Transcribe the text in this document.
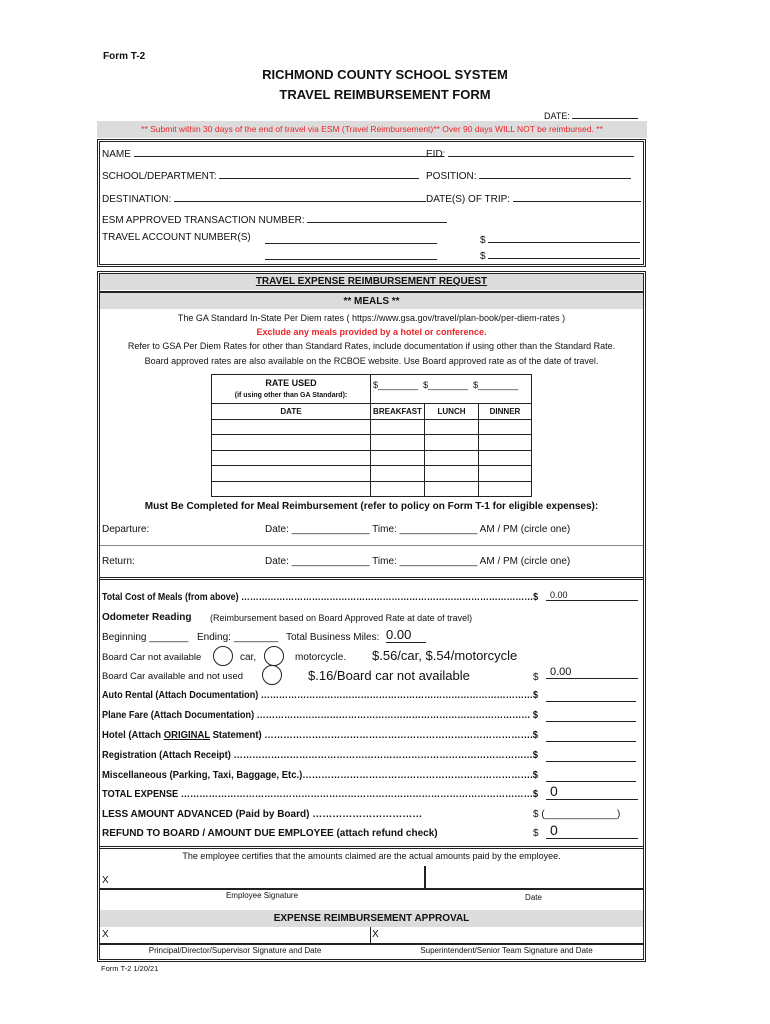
Form T-2
RICHMOND COUNTY SCHOOL SYSTEM
TRAVEL REIMBURSEMENT FORM
DATE:
** Submit within 30 days of the end of travel via ESM (Travel Reimbursement)** Over 90 days WILL NOT be reimbursed. **
NAME	EID:
SCHOOL/DEPARTMENT:	POSITION:
DESTINATION:	DATE(S) OF TRIP:
ESM APPROVED TRANSACTION NUMBER:
TRAVEL ACCOUNT NUMBER(S)	$
$
TRAVEL EXPENSE REIMBURSEMENT REQUEST
** MEALS **
The GA Standard In-State Per Diem rates ( https://www.gsa.gov/travel/plan-book/per-diem-rates )
Exclude any meals provided by a hotel or conference.
Refer to GSA Per Diem Rates for other than Standard Rates, include documentation if using other than the Standard Rate.
Board approved rates are also available on the RCBOE website. Use Board approved rate as of the date of travel.
RATE USED
(if using other than GA Standard):	$________ $________ $________		
DATE	BREAKFAST	LUNCH	DINNER

Must Be Completed for Meal Reimbursement (refer to policy on Form T-1 for eligible expenses):
Departure:	Date: ______________ Time: ______________ AM / PM (circle one)
Return:	Date: ______________ Time: ______________ AM / PM (circle one)
Total Cost of Meals (from above) ………………………………………………………………………………………$	0.00
Odometer Reading (Reimbursement based on Board Approved Rate at date of travel)
Beginning _______ Ending: ________ Total Business Miles: 0.00
Board Car not available	car,	motorcycle. $.56/car, $.54/motorcycle
Board Car available and not used	$.16/Board car not available	$	0.00
Auto Rental (Attach Documentation) ………………………………………………………………………………$
Plane Fare (Attach Documentation) ……………………………………………………………………………… $
Hotel (Attach ORIGINAL Statement) ………………………………………………………………………….$
Registration (Attach Receipt) ……………………………………………………………………………………$
Miscellaneous (Parking, Taxi, Baggage, Etc.)……………………………………………………………….$
TOTAL EXPENSE ……………………………………………………………………………………………………$ 0
LESS AMOUNT ADVANCED (Paid by Board) ……………………………	$ (_____________)
REFUND TO BOARD / AMOUNT DUE EMPLOYEE (attach refund check)	$ 0
The employee certifies that the amounts claimed are the actual amounts paid by the employee.
X
Employee Signature	Date
EXPENSE REIMBURSEMENT APPROVAL
X	X
Principal/Director/Supervisor Signature and Date	Superintendent/Senior Team Signature and Date
Form T-2 1/20/21
